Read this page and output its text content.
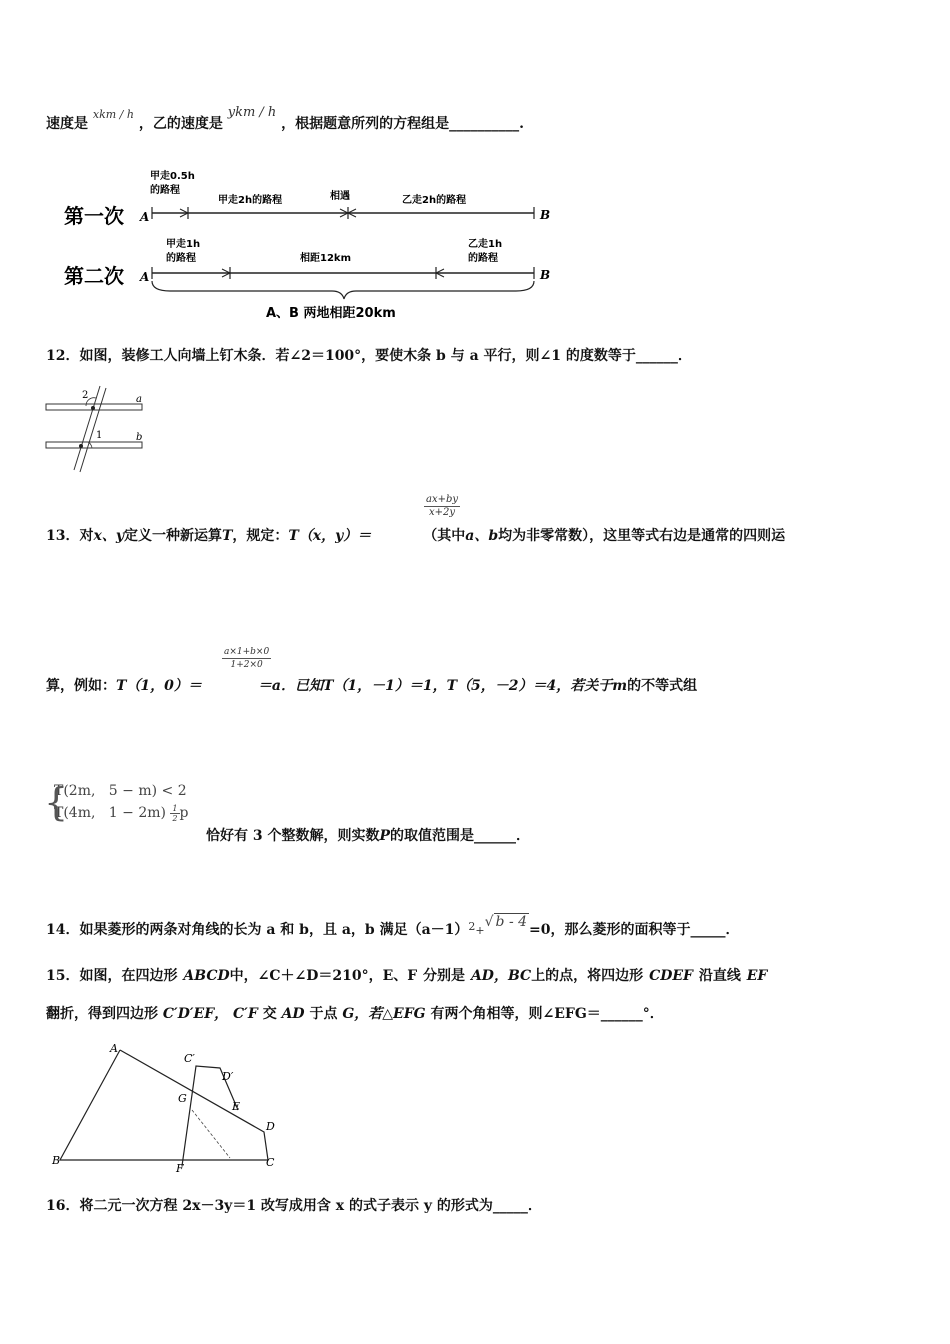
速度是 $^{xkm / h}$ ，乙的速度是 ykm / h ，根据题意所列的方程组是__________.
第一次 A	B
甲走0.5h
的路程
甲走2h的路程	相遇	乙走2h的路程
第二次 A	B
甲走1h
的路程	相距12km
乙走1h
的路程
A、B 两地相距20km
12．如图，装修工人向墙上钉木条．若∠2＝100°，要使木条 b 与 a 平行，则∠1 的度数等于______．
2
1
a
b
$\frac{ax+by}{x+2y}$
13．对x、y定义一种新运算T，规定：T（x，y）＝	（其中a、b均为非零常数），这里等式右边是通常的四则运
$\frac{a\times 1+b\times 0}{1+2\times 0}$
算，例如：T（1，0）＝	＝a．已知T（1，－1）＝1，T（5，－2）＝4，若关于m的不等式组
{
T(2m,   5 − m) < 2
T(4m,   $1 - 2m) \frac{1}{2}$ p
恰好有 3 个整数解，则实数P的取值范围是______．
14．如果菱形的两条对角线的长为 a 和 b，且 a，b 满足$(a-1)^2+√$ b - 4 =0，那么菱形的面积等于_____．
15．如图，在四边形 ABCD中，∠C＋∠D＝210°，E、F 分别是 AD，BC上的点，将四边形 CDEF 沿直线 EF
翻折，得到四边形 C′D′EF， C′F 交 AD 于点 G，若△EFG 有两个角相等，则∠EFG＝______°．
A
B	C
D
E
F
G
C′
D′
16．将二元一次方程 2x－3y＝1 改写成用含 x 的式子表示 y 的形式为_____．
